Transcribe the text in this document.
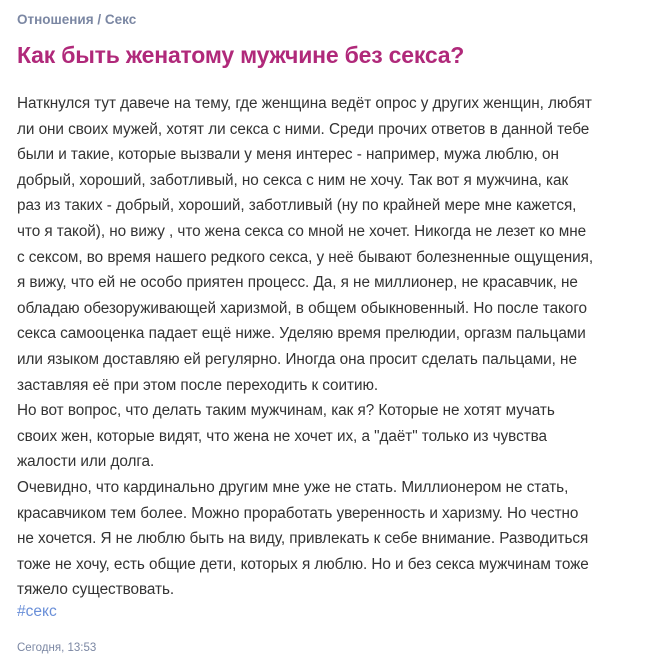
Отношения / Секс
Как быть женатому мужчине без секса?
Наткнулся тут давече на тему, где женщина ведёт опрос у других женщин, любят
ли они своих мужей, хотят ли секса с ними. Среди прочих ответов в данной тебе
были и такие, которые вызвали у меня интерес - например, мужа люблю, он
добрый, хороший, заботливый, но секса с ним не хочу. Так вот я мужчина, как
раз из таких - добрый, хороший, заботливый (ну по крайней мере мне кажется,
что я такой), но вижу , что жена секса со мной не хочет. Никогда не лезет ко мне
с сексом, во время нашего редкого секса, у неё бывают болезненные ощущения,
я вижу, что ей не особо приятен процесс. Да, я не миллионер, не красавчик, не
обладаю обезоруживающей харизмой, в общем обыкновенный. Но после такого
секса самооценка падает ещё ниже. Уделяю время прелюдии, оргазм пальцами
или языком доставляю ей регулярно. Иногда она просит сделать пальцами, не
заставляя её при этом после переходить к соитию.
Но вот вопрос, что делать таким мужчинам, как я? Которые не хотят мучать
своих жен, которые видят, что жена не хочет их, а "даёт" только из чувства
жалости или долга.
Очевидно, что кардинально другим мне уже не стать. Миллионером не стать,
красавчиком тем более. Можно проработать уверенность и харизму. Но честно
не хочется. Я не люблю быть на виду, привлекать к себе внимание. Разводиться
тоже не хочу, есть общие дети, которых я люблю. Но и без секса мужчинам тоже
тяжело существовать.
#секс
Сегодня, 13:53
